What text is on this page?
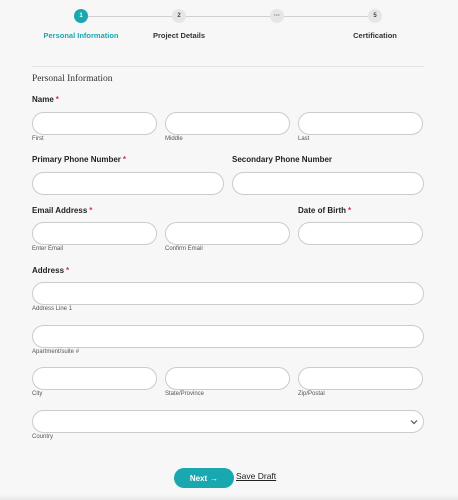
1	2	···	5
Personal Information	Project Details	Certification
Personal Information
Name *
First	Middle	Last
Primary Phone Number *	Secondary Phone Number
Email Address *	Date of Birth *
Enter Email	Confirm Email
Address *
Address Line 1
Apartment/suite #
City	State/Province	Zip/Postal
Country
Next → Save Draft
